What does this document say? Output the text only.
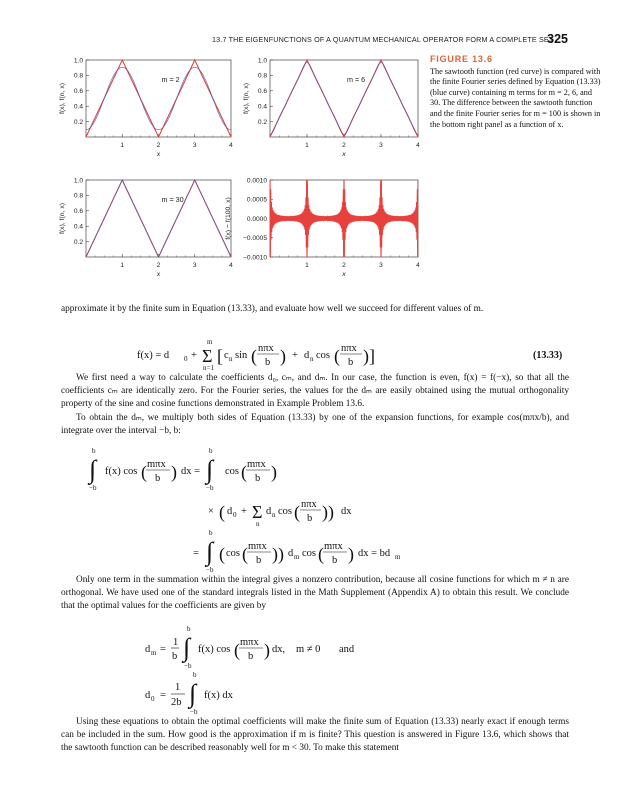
13.7 THE EIGENFUNCTIONS OF A QUANTUM MECHANICAL OPERATOR FORM A COMPLETE SET
325
1	2	3	4
0.2
0.4
0.6
0.8
1.0
x
f(x), f(n, x)
m = 2
1	2	3	4
0.2
0.4
0.6
0.8
1.0
x
f(x), f(n, x)
m = 6
1	2	3	4
0.2
0.4
0.6
0.8
1.0
x
f(x), f(n, x)
m = 30
1	2	3	4
−0.0010
−0.0005
0.0000
0.0005
0.0010
x
f(x) − f(100, x)
FIGURE 13.6
The sawtooth function (red curve) is compared with the finite Fourier series defined by Equation (13.33) (blue curve) containing m terms for m = 2, 6, and 30. The difference between the sawtooth function and the finite Fourier series for m = 100 is shown in the bottom right panel as a function of x.

approximate it by the finite sum in Equation (13.33), and evaluate how well we succeed for different values of m.

f(x) = d 0 + Σ
m
n=1
[ c n sin ( nπx
b ) + d n cos ( nπx
b )]	(13.33)

We first need a way to calculate the coefficients d₀, cₘ, and dₘ. In our case, the function is even, f(x) = f(−x), so that all the coefficients cₘ are identically zero. For the Fourier series, the values for the dₘ are easily obtained using the mutual orthogonality property of the sine and cosine functions demonstrated in Example Problem 13.6.

To obtain the dₘ, we multiply both sides of Equation (13.33) by one of the expansion functions, for example cos(mπx/b), and integrate over the interval −b, b:

b
∫
−b
f(x) cos ( mπx
b ) dx =
b
∫
−b
cos ( mπx
b )
× ( d 0 + Σ
n
d n cos ( nπx
b )) dx
=
b
∫
−b
( cos ( mπx
b )) d m cos ( mπx
b ) dx = bd m

Only one term in the summation within the integral gives a nonzero contribution, because all cosine functions for which m ≠ n are orthogonal. We have used one of the standard integrals listed in the Math Supplement (Appendix A) to obtain this result. We conclude that the optimal values for the coefficients are given by

d m =
1
b
b
∫
−b
f(x) cos ( mπx
b ) dx, m ≠ 0 and
d 0 =
1
2b
b
∫
−b
f(x) dx

Using these equations to obtain the optimal coefficients will make the finite sum of Equation (13.33) nearly exact if enough terms can be included in the sum. How good is the approximation if m is finite? This question is answered in Figure 13.6, which shows that the sawtooth function can be described reasonably well for m < 30. To make this statement
